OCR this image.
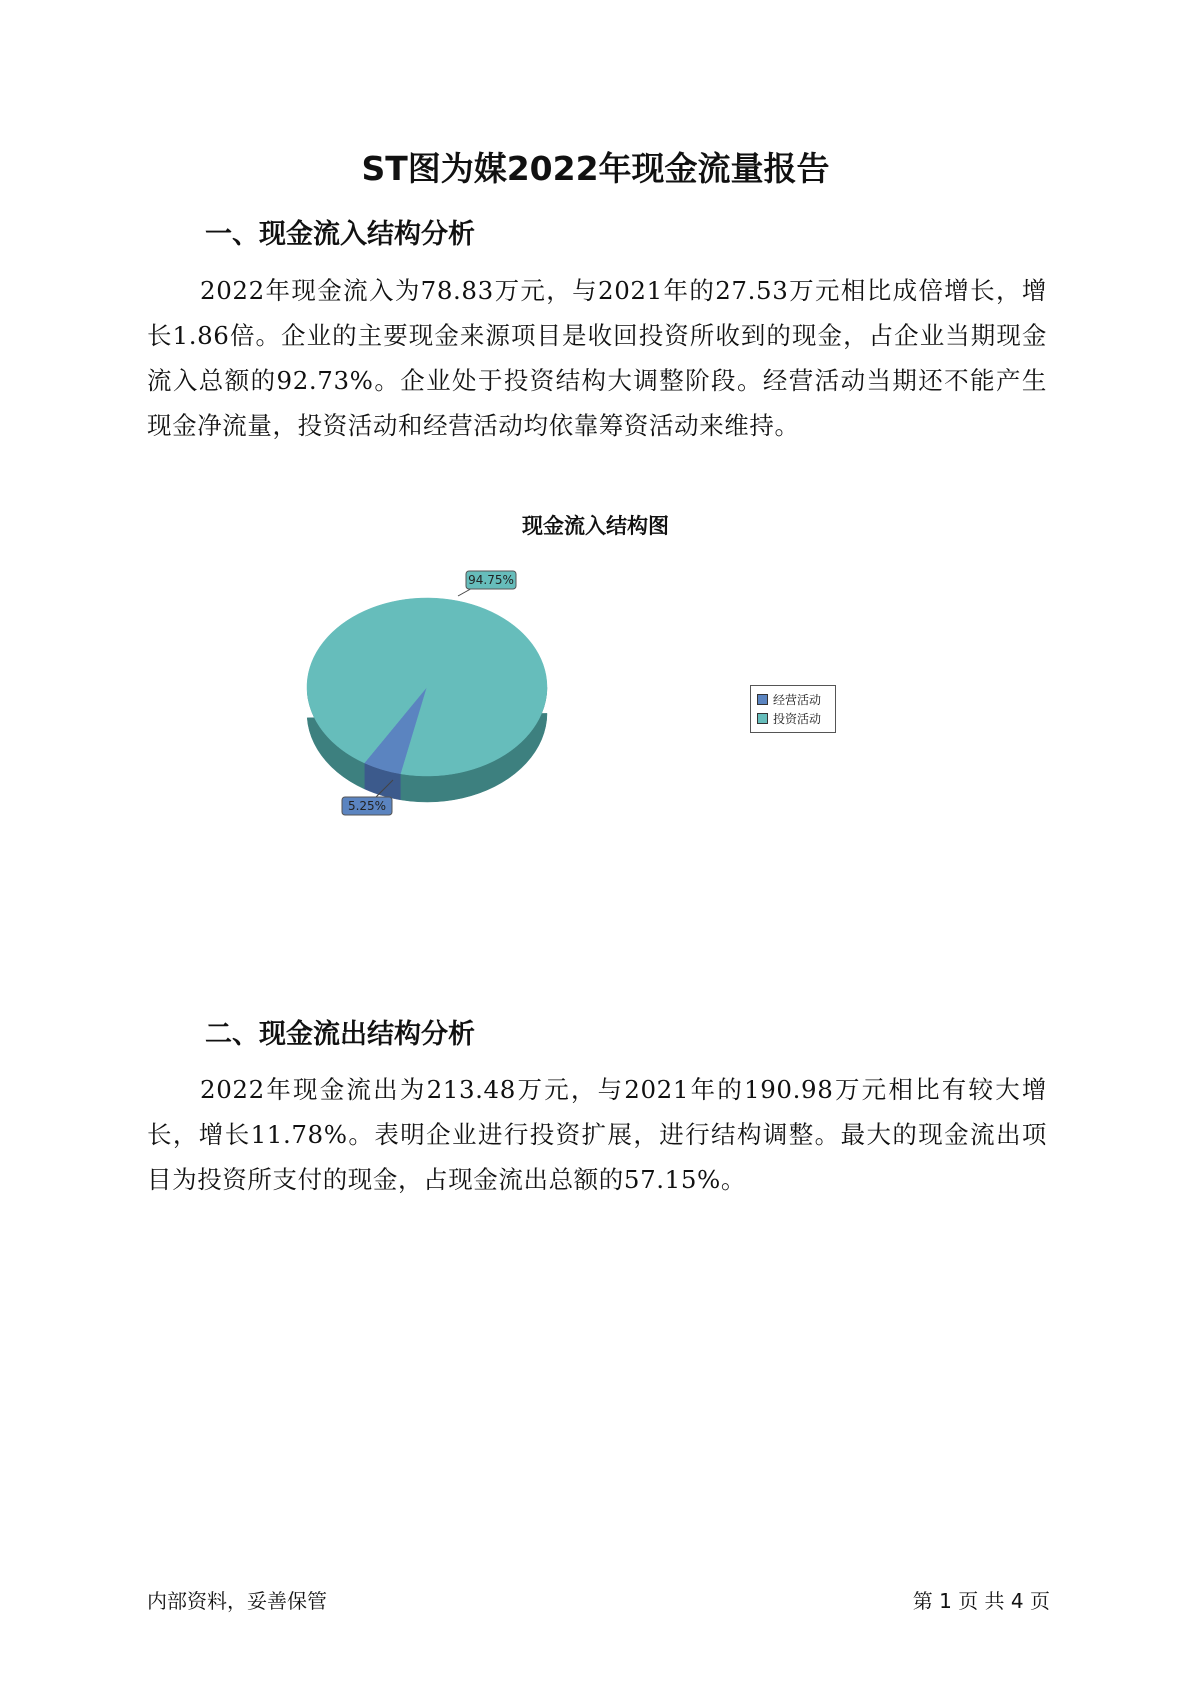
ST图为媒2022年现金流量报告
一、现金流入结构分析

2022年现金流入为78.83万元，与2021年的27.53万元相比成倍增长，增长1.86倍。企业的主要现金来源项目是收回投资所收到的现金，占企业当期现金流入总额的92.73%。企业处于投资结构大调整阶段。经营活动当期还不能产生现金净流量，投资活动和经营活动均依靠筹资活动来维持。

现金流入结构图
5.25%
94.75%
经营活动
投资活动
二、现金流出结构分析

2022年现金流出为213.48万元，与2021年的190.98万元相比有较大增长，增长11.78%。表明企业进行投资扩展，进行结构调整。最大的现金流出项目为投资所支付的现金，占现金流出总额的57.15%。

内部资料，妥善保管	第 1 页 共 4 页
